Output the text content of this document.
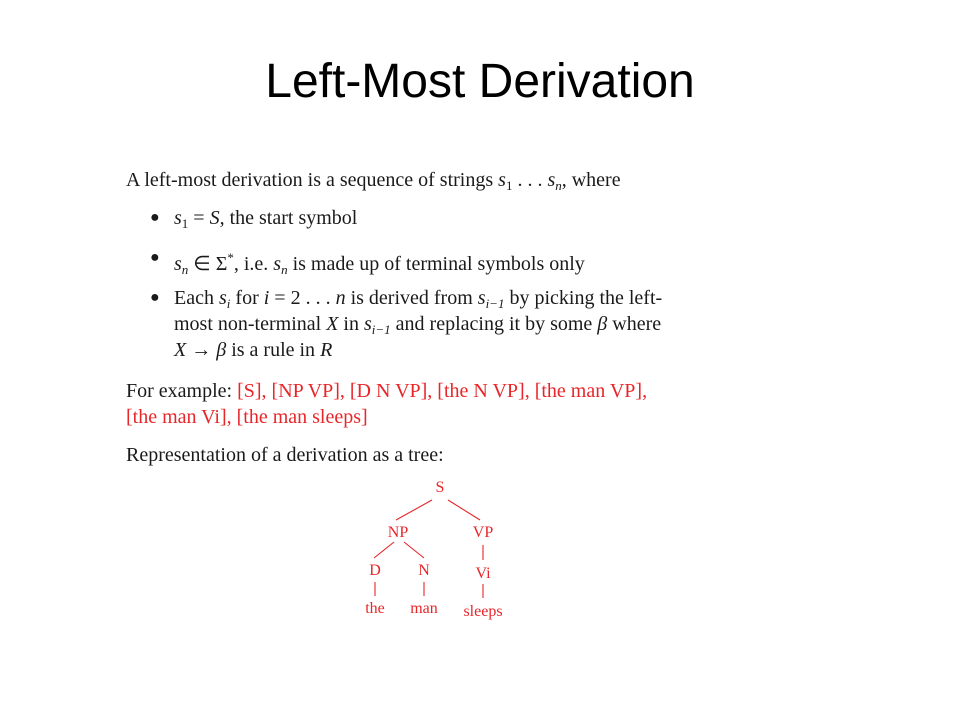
Left-Most Derivation
A left-most derivation is a sequence of strings $s_1$ . . . $s_n$, where
● $s_1 = S$, the start symbol
● $s_n$ ∈ Σ*, i.e. $s_n$ is made up of terminal symbols only
● Each $s_i$ for i = 2 . . . n is derived from $s_{i-1}$ by picking the left-
most non-terminal X in $s_{i-1}$ and replacing it by some β where
X → β is a rule in R
For example: [S], [NP VP], [D N VP], [the N VP], [the man VP],
[the man Vi], [the man sleeps]
Representation of a derivation as a tree:
S
NP	VP
D N	Vi
the man sleeps
